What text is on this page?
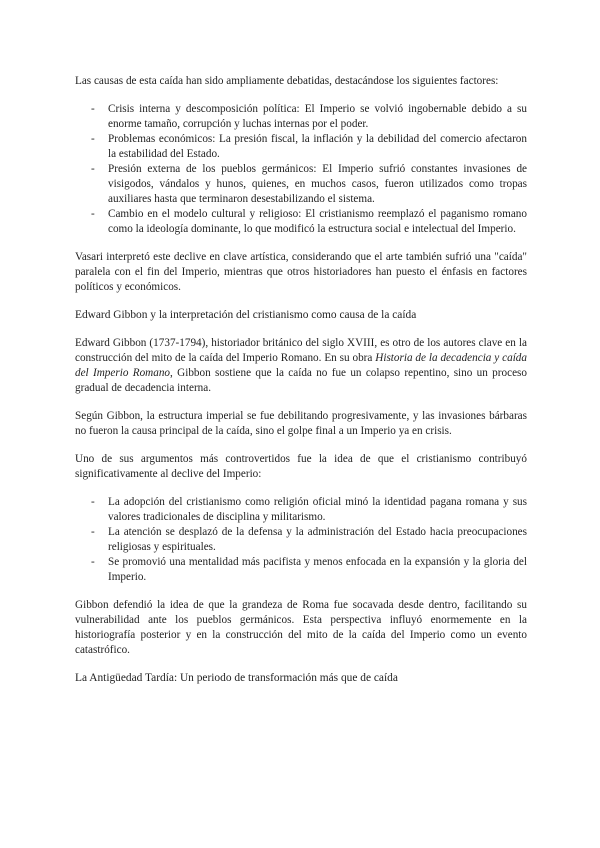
Las causas de esta caída han sido ampliamente debatidas, destacándose los siguientes factores:

- Crisis interna y descomposición política: El Imperio se volvió ingobernable debido a su enorme tamaño, corrupción y luchas internas por el poder.
- Problemas económicos: La presión fiscal, la inflación y la debilidad del comercio afectaron la estabilidad del Estado.
- Presión externa de los pueblos germánicos: El Imperio sufrió constantes invasiones de visigodos, vándalos y hunos, quienes, en muchos casos, fueron utilizados como tropas auxiliares hasta que terminaron desestabilizando el sistema.
- Cambio en el modelo cultural y religioso: El cristianismo reemplazó el paganismo romano como la ideología dominante, lo que modificó la estructura social e intelectual del Imperio.

Vasari interpretó este declive en clave artística, considerando que el arte también sufrió una "caída" paralela con el fin del Imperio, mientras que otros historiadores han puesto el énfasis en factores políticos y económicos.

Edward Gibbon y la interpretación del cristianismo como causa de la caída

Edward Gibbon (1737-1794), historiador británico del siglo XVIII, es otro de los autores clave en la construcción del mito de la caída del Imperio Romano. En su obra Historia de la decadencia y caída del Imperio Romano, Gibbon sostiene que la caída no fue un colapso repentino, sino un proceso gradual de decadencia interna.

Según Gibbon, la estructura imperial se fue debilitando progresivamente, y las invasiones bárbaras no fueron la causa principal de la caída, sino el golpe final a un Imperio ya en crisis.

Uno de sus argumentos más controvertidos fue la idea de que el cristianismo contribuyó significativamente al declive del Imperio:

- La adopción del cristianismo como religión oficial minó la identidad pagana romana y sus valores tradicionales de disciplina y militarismo.
- La atención se desplazó de la defensa y la administración del Estado hacia preocupaciones religiosas y espirituales.
- Se promovió una mentalidad más pacifista y menos enfocada en la expansión y la gloria del Imperio.

Gibbon defendió la idea de que la grandeza de Roma fue socavada desde dentro, facilitando su vulnerabilidad ante los pueblos germánicos. Esta perspectiva influyó enormemente en la historiografía posterior y en la construcción del mito de la caída del Imperio como un evento catastrófico.

La Antigüedad Tardía: Un periodo de transformación más que de caída
